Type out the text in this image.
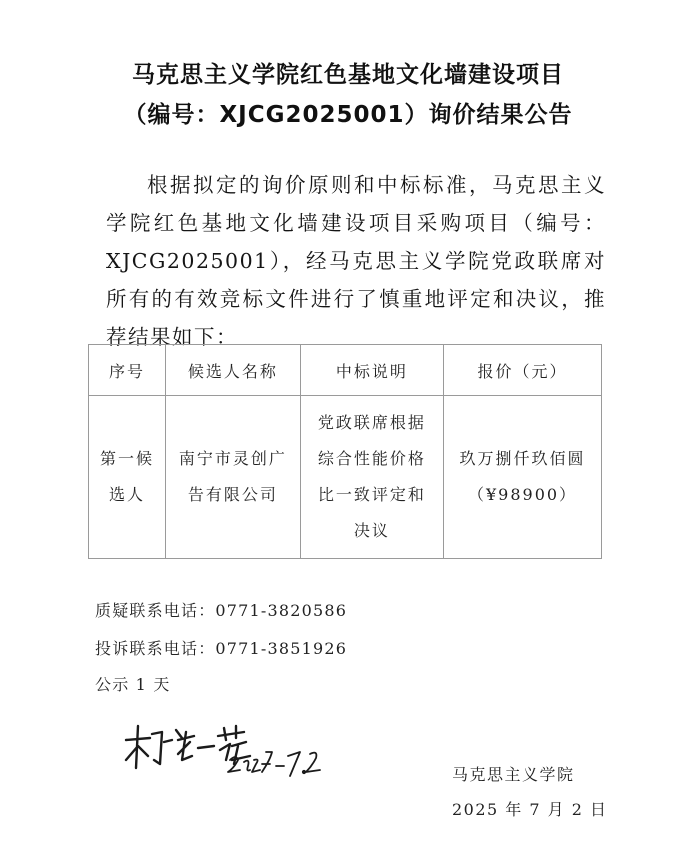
马克思主义学院红色基地文化墙建设项目
（编号：XJCG2025001）询价结果公告

根据拟定的询价原则和中标标准，马克思主义学院红色基地文化墙建设项目采购项目（编号：XJCG2025001），经马克思主义学院党政联席对所有的有效竞标文件进行了慎重地评定和决议，推荐结果如下：

序号	候选人名称	中标说明	报价（元）

第一候选人	南宁市灵创广告有限公司	党政联席根据综合性能价格比一致评定和决议	玖万捌仟玖佰圆
（¥98900）
质疑联系电话：0771-3820586
投诉联系电话：0771-3851926
公示 1 天
马克思主义学院
2025 年 7 月 2 日
